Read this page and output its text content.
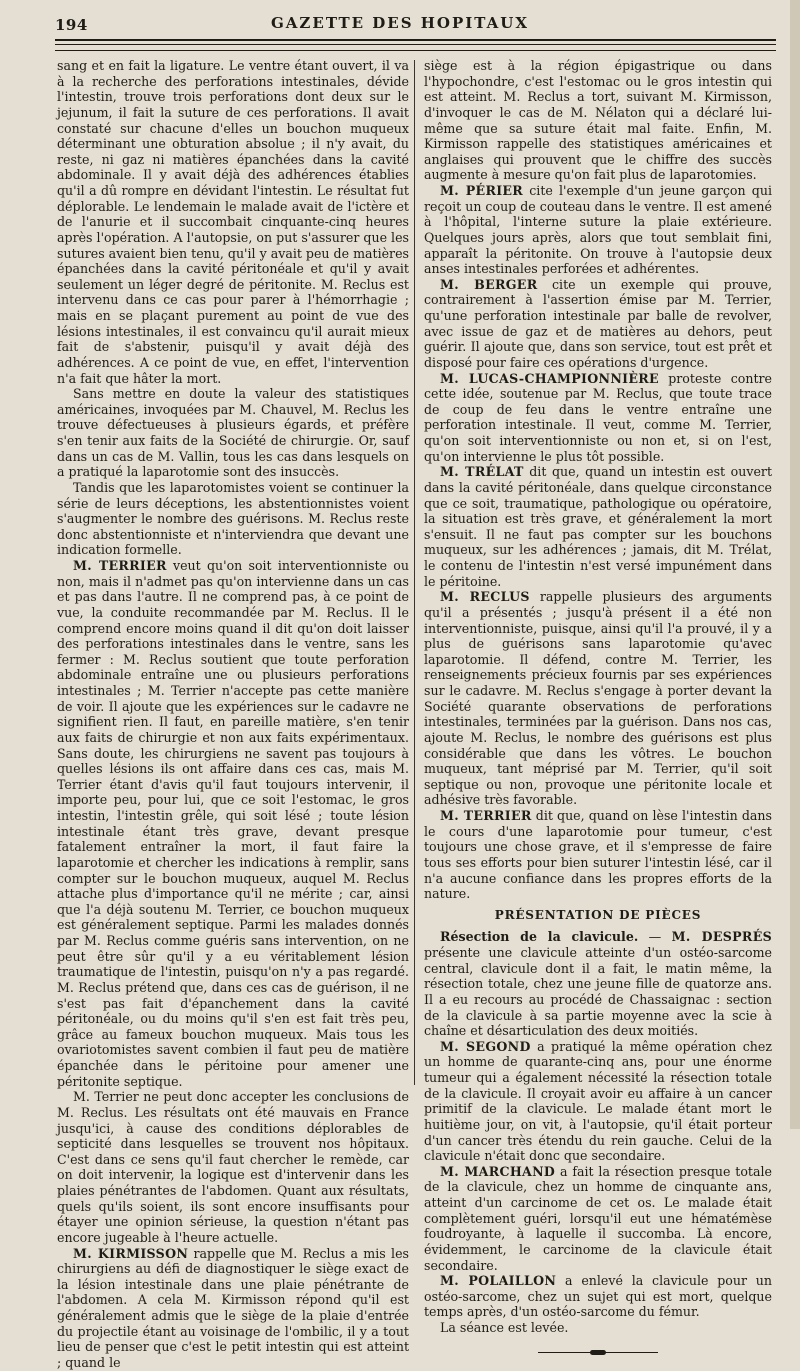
194	GAZETTE DES HOPITAUX

sang et en fait la ligature. Le ventre étant ouvert, il va à la recherche des perforations intestinales, dévide l'intestin, trouve trois perforations dont deux sur le jejunum, il fait la suture de ces perforations. Il avait constaté sur chacune d'elles un bouchon muqueux déterminant une obturation absolue ; il n'y avait, du reste, ni gaz ni matières épanchées dans la cavité abdominale. Il y avait déjà des adhérences établies qu'il a dû rompre en dévidant l'intestin. Le résultat fut déplorable. Le lendemain le malade avait de l'ictère et de l'anurie et il succombait cinquante-cinq heures après l'opération. A l'autopsie, on put s'assurer que les sutures avaient bien tenu, qu'il y avait peu de matières épanchées dans la cavité péritonéale et qu'il y avait seulement un léger degré de péritonite. M. Reclus est intervenu dans ce cas pour parer à l'hémorrhagie ; mais en se plaçant purement au point de vue des lésions intestinales, il est convaincu qu'il aurait mieux fait de s'abstenir, puisqu'il y avait déjà des adhérences. A ce point de vue, en effet, l'intervention n'a fait que hâter la mort.

Sans mettre en doute la valeur des statistiques américaines, invoquées par M. Chauvel, M. Reclus les trouve défectueuses à plusieurs égards, et préfère s'en tenir aux faits de la Société de chirurgie. Or, sauf dans un cas de M. Vallin, tous les cas dans lesquels on a pratiqué la laparotomie sont des insuccès.

Tandis que les laparotomistes voient se continuer la série de leurs déceptions, les abstentionnistes voient s'augmenter le nombre des guérisons. M. Reclus reste donc abstentionniste et n'interviendra que devant une indication formelle.

M. TERRIER veut qu'on soit interventionniste ou non, mais il n'admet pas qu'on intervienne dans un cas et pas dans l'autre. Il ne comprend pas, à ce point de vue, la conduite recommandée par M. Reclus. Il le comprend encore moins quand il dit qu'on doit laisser des perforations intestinales dans le ventre, sans les fermer : M. Reclus soutient que toute perforation abdominale entraîne une ou plusieurs perforations intestinales ; M. Terrier n'accepte pas cette manière de voir. Il ajoute que les expériences sur le cadavre ne signifient rien. Il faut, en pareille matière, s'en tenir aux faits de chirurgie et non aux faits expérimentaux. Sans doute, les chirurgiens ne savent pas toujours à quelles lésions ils ont affaire dans ces cas, mais M. Terrier étant d'avis qu'il faut toujours intervenir, il importe peu, pour lui, que ce soit l'estomac, le gros intestin, l'intestin grêle, qui soit lésé ; toute lésion intestinale étant très grave, devant presque fatalement entraîner la mort, il faut faire la laparotomie et chercher les indications à remplir, sans compter sur le bouchon muqueux, auquel M. Reclus attache plus d'importance qu'il ne mérite ; car, ainsi que l'a déjà soutenu M. Terrier, ce bouchon muqueux est généralement septique. Parmi les malades donnés par M. Reclus comme guéris sans intervention, on ne peut être sûr qu'il y a eu véritablement lésion traumatique de l'intestin, puisqu'on n'y a pas regardé. M. Reclus prétend que, dans ces cas de guérison, il ne s'est pas fait d'épanchement dans la cavité péritonéale, ou du moins qu'il s'en est fait très peu, grâce au fameux bouchon muqueux. Mais tous les ovariotomistes savent combien il faut peu de matière épanchée dans le péritoine pour amener une péritonite septique.

M. Terrier ne peut donc accepter les conclusions de M. Reclus. Les résultats ont été mauvais en France jusqu'ici, à cause des conditions déplorables de septicité dans lesquelles se trouvent nos hôpitaux. C'est dans ce sens qu'il faut chercher le remède, car on doit intervenir, la logique est d'intervenir dans les plaies pénétrantes de l'abdomen. Quant aux résultats, quels qu'ils soient, ils sont encore insuffisants pour étayer une opinion sérieuse, la question n'étant pas encore jugeable à l'heure actuelle.

M. KIRMISSON rappelle que M. Reclus a mis les chirurgiens au défi de diagnostiquer le siège exact de la lésion intestinale dans une plaie pénétrante de l'abdomen. A cela M. Kirmisson répond qu'il est généralement admis que le siège de la plaie d'entrée du projectile étant au voisinage de l'ombilic, il y a tout lieu de penser que c'est le petit intestin qui est atteint ; quand le

siège est à la région épigastrique ou dans l'hypochondre, c'est l'estomac ou le gros intestin qui est atteint. M. Reclus a tort, suivant M. Kirmisson, d'invoquer le cas de M. Nélaton qui a déclaré lui-même que sa suture était mal faite. Enfin, M. Kirmisson rappelle des statistiques américaines et anglaises qui prouvent que le chiffre des succès augmente à mesure qu'on fait plus de laparotomies.

M. PÉRIER cite l'exemple d'un jeune garçon qui reçoit un coup de couteau dans le ventre. Il est amené à l'hôpital, l'interne suture la plaie extérieure. Quelques jours après, alors que tout semblait fini, apparaît la péritonite. On trouve à l'autopsie deux anses intestinales perforées et adhérentes.

M. BERGER cite un exemple qui prouve, contrairement à l'assertion émise par M. Terrier, qu'une perforation intestinale par balle de revolver, avec issue de gaz et de matières au dehors, peut guérir. Il ajoute que, dans son service, tout est prêt et disposé pour faire ces opérations d'urgence.

M. LUCAS-CHAMPIONNIÈRE proteste contre cette idée, soutenue par M. Reclus, que toute trace de coup de feu dans le ventre entraîne une perforation intestinale. Il veut, comme M. Terrier, qu'on soit interventionniste ou non et, si on l'est, qu'on intervienne le plus tôt possible.

M. TRÉLAT dit que, quand un intestin est ouvert dans la cavité péritonéale, dans quelque circonstance que ce soit, traumatique, pathologique ou opératoire, la situation est très grave, et généralement la mort s'ensuit. Il ne faut pas compter sur les bouchons muqueux, sur les adhérences ; jamais, dit M. Trélat, le contenu de l'intestin n'est versé impunément dans le péritoine.

M. RECLUS rappelle plusieurs des arguments qu'il a présentés ; jusqu'à présent il a été non interventionniste, puisque, ainsi qu'il l'a prouvé, il y a plus de guérisons sans laparotomie qu'avec laparotomie. Il défend, contre M. Terrier, les renseignements précieux fournis par ses expériences sur le cadavre. M. Reclus s'engage à porter devant la Société quarante observations de perforations intestinales, terminées par la guérison. Dans nos cas, ajoute M. Reclus, le nombre des guérisons est plus considérable que dans les vôtres. Le bouchon muqueux, tant méprisé par M. Terrier, qu'il soit septique ou non, provoque une péritonite locale et adhésive très favorable.

M. TERRIER dit que, quand on lèse l'intestin dans le cours d'une laparotomie pour tumeur, c'est toujours une chose grave, et il s'empresse de faire tous ses efforts pour bien suturer l'intestin lésé, car il n'a aucune confiance dans les propres efforts de la nature.

PRÉSENTATION DE PIÈCES

Résection de la clavicule. — M. DESPRÉS présente une clavicule atteinte d'un ostéo-sarcome central, clavicule dont il a fait, le matin même, la résection totale, chez une jeune fille de quatorze ans. Il a eu recours au procédé de Chassaignac : section de la clavicule à sa partie moyenne avec la scie à chaîne et désarticulation des deux moitiés.

M. SEGOND a pratiqué la même opération chez un homme de quarante-cinq ans, pour une énorme tumeur qui a également nécessité la résection totale de la clavicule. Il croyait avoir eu affaire à un cancer primitif de la clavicule. Le malade étant mort le huitième jour, on vit, à l'autopsie, qu'il était porteur d'un cancer très étendu du rein gauche. Celui de la clavicule n'était donc que secondaire.

M. MARCHAND a fait la résection presque totale de la clavicule, chez un homme de cinquante ans, atteint d'un carcinome de cet os. Le malade était complètement guéri, lorsqu'il eut une hématémèse foudroyante, à laquelle il succomba. Là encore, évidemment, le carcinome de la clavicule était secondaire.

M. POLAILLON a enlevé la clavicule pour un ostéo-sarcome, chez un sujet qui est mort, quelque temps après, d'un ostéo-sarcome du fémur.

La séance est levée.
